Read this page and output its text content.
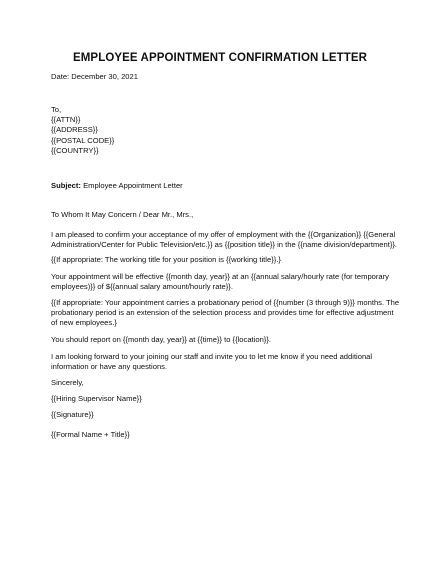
EMPLOYEE APPOINTMENT CONFIRMATION LETTER
Date: December 30, 2021
To,
{{ATTN}}
{{ADDRESS}}
{{POSTAL CODE}}
{{COUNTRY}}
Subject: Employee Appointment Letter
To Whom It May Concern / Dear Mr., Mrs.,
I am pleased to confirm your acceptance of my offer of employment with the {{Organization}} {{General
Administration/Center for Public Television/etc.}} as {{position title}} in the {{name division/department}}.
{{If appropriate: The working title for your position is {{working title}}.}
Your appointment will be effective {{month day, year}} at an {{annual salary/hourly rate (for temporary
employees)}} of ${{annual salary amount/hourly rate}}.
{{If appropriate: Your appointment carries a probationary period of {{number (3 through 9)}} months. The
probationary period is an extension of the selection process and provides time for effective adjustment
of new employees.}
You should report on {{month day, year}} at {{time}} to {{location}}.
I am looking forward to your joining our staff and invite you to let me know if you need additional
information or have any questions.
Sincerely,
{{Hiring Supervisor Name}}
{{Signature}}
{{Formal Name + Title}}
